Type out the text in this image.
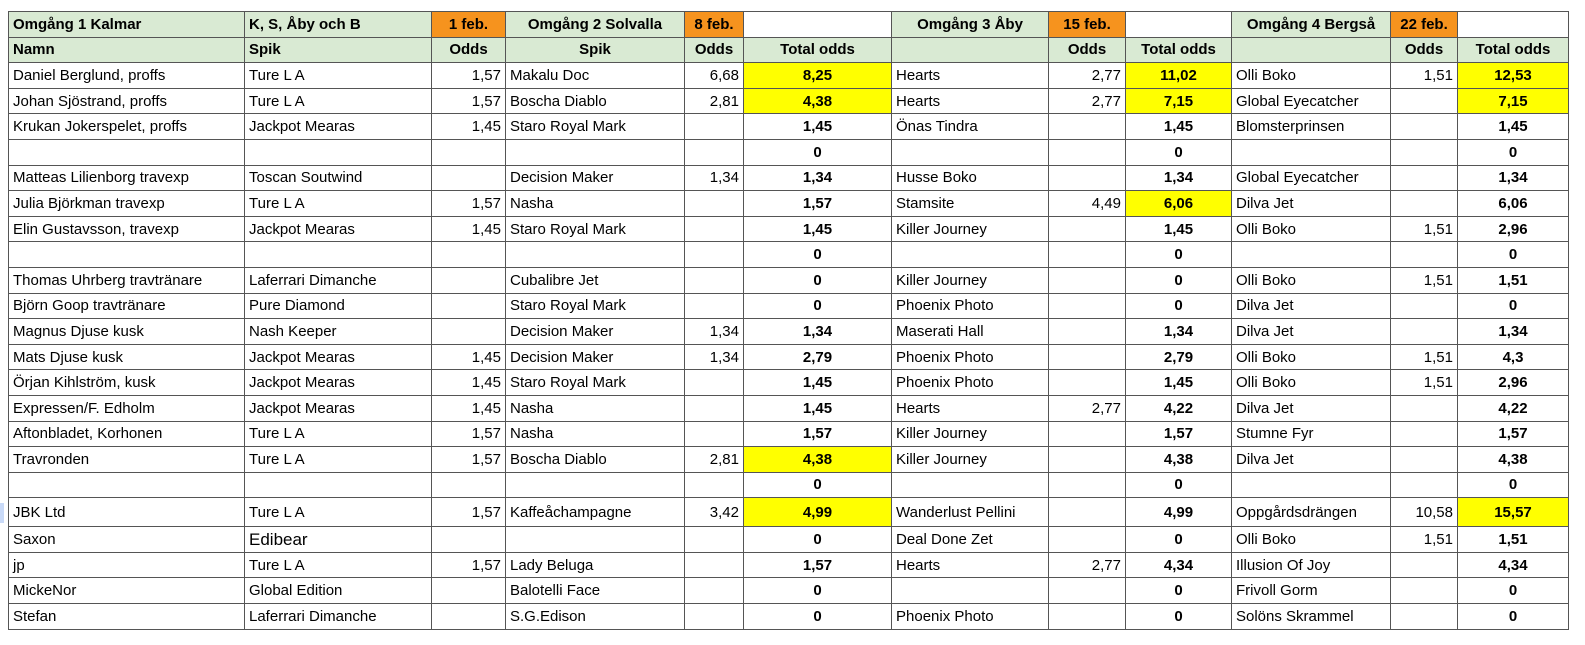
Omgång 1 Kalmar	K, S, Åby och B	1 feb.	Omgång 2 Solvalla	8 feb.		Omgång 3 Åby	15 feb.		Omgång 4 Bergså	22 feb.	
Namn	Spik	Odds	Spik	Odds	Total odds		Odds	Total odds		Odds	Total odds
Daniel Berglund, proffs	Ture L A	1,57	Makalu Doc	6,68	8,25	Hearts	2,77	11,02	Olli Boko	1,51	12,53
Johan Sjöstrand, proffs	Ture L A	1,57	Boscha Diablo	2,81	4,38	Hearts	2,77	7,15	Global Eyecatcher		7,15
Krukan Jokerspelet, proffs	Jackpot Mearas	1,45	Staro Royal Mark		1,45	Önas Tindra		1,45	Blomsterprinsen		1,45
					0			0			0
Matteas Lilienborg travexp	Toscan Soutwind		Decision Maker	1,34	1,34	Husse Boko		1,34	Global Eyecatcher		1,34
Julia Björkman travexp	Ture L A	1,57	Nasha		1,57	Stamsite	4,49	6,06	Dilva Jet		6,06
Elin Gustavsson, travexp	Jackpot Mearas	1,45	Staro Royal Mark		1,45	Killer Journey		1,45	Olli Boko	1,51	2,96
					0			0			0
Thomas Uhrberg travtränare	Laferrari Dimanche		Cubalibre Jet		0	Killer Journey		0	Olli Boko	1,51	1,51
Björn Goop travtränare	Pure Diamond		Staro Royal Mark		0	Phoenix Photo		0	Dilva Jet		0
Magnus Djuse kusk	Nash Keeper		Decision Maker	1,34	1,34	Maserati Hall		1,34	Dilva Jet		1,34
Mats Djuse kusk	Jackpot Mearas	1,45	Decision Maker	1,34	2,79	Phoenix Photo		2,79	Olli Boko	1,51	4,3
Örjan Kihlström, kusk	Jackpot Mearas	1,45	Staro Royal Mark		1,45	Phoenix Photo		1,45	Olli Boko	1,51	2,96
Expressen/F. Edholm	Jackpot Mearas	1,45	Nasha		1,45	Hearts	2,77	4,22	Dilva Jet		4,22
Aftonbladet, Korhonen	Ture L A	1,57	Nasha		1,57	Killer Journey		1,57	Stumne Fyr		1,57
Travronden	Ture L A	1,57	Boscha Diablo	2,81	4,38	Killer Journey		4,38	Dilva Jet		4,38
					0			0			0
JBK Ltd	Ture L A	1,57	Kaffeåchampagne	3,42	4,99	Wanderlust Pellini		4,99	Oppgårdsdrängen	10,58	15,57
Saxon	Edibear				0	Deal Done Zet		0	Olli Boko	1,51	1,51
jp	Ture L A	1,57	Lady Beluga		1,57	Hearts	2,77	4,34	Illusion Of Joy		4,34
MickeNor	Global Edition		Balotelli Face		0			0	Frivoll Gorm		0
Stefan	Laferrari Dimanche		S.G.Edison		0	Phoenix Photo		0	Solöns Skrammel		0
